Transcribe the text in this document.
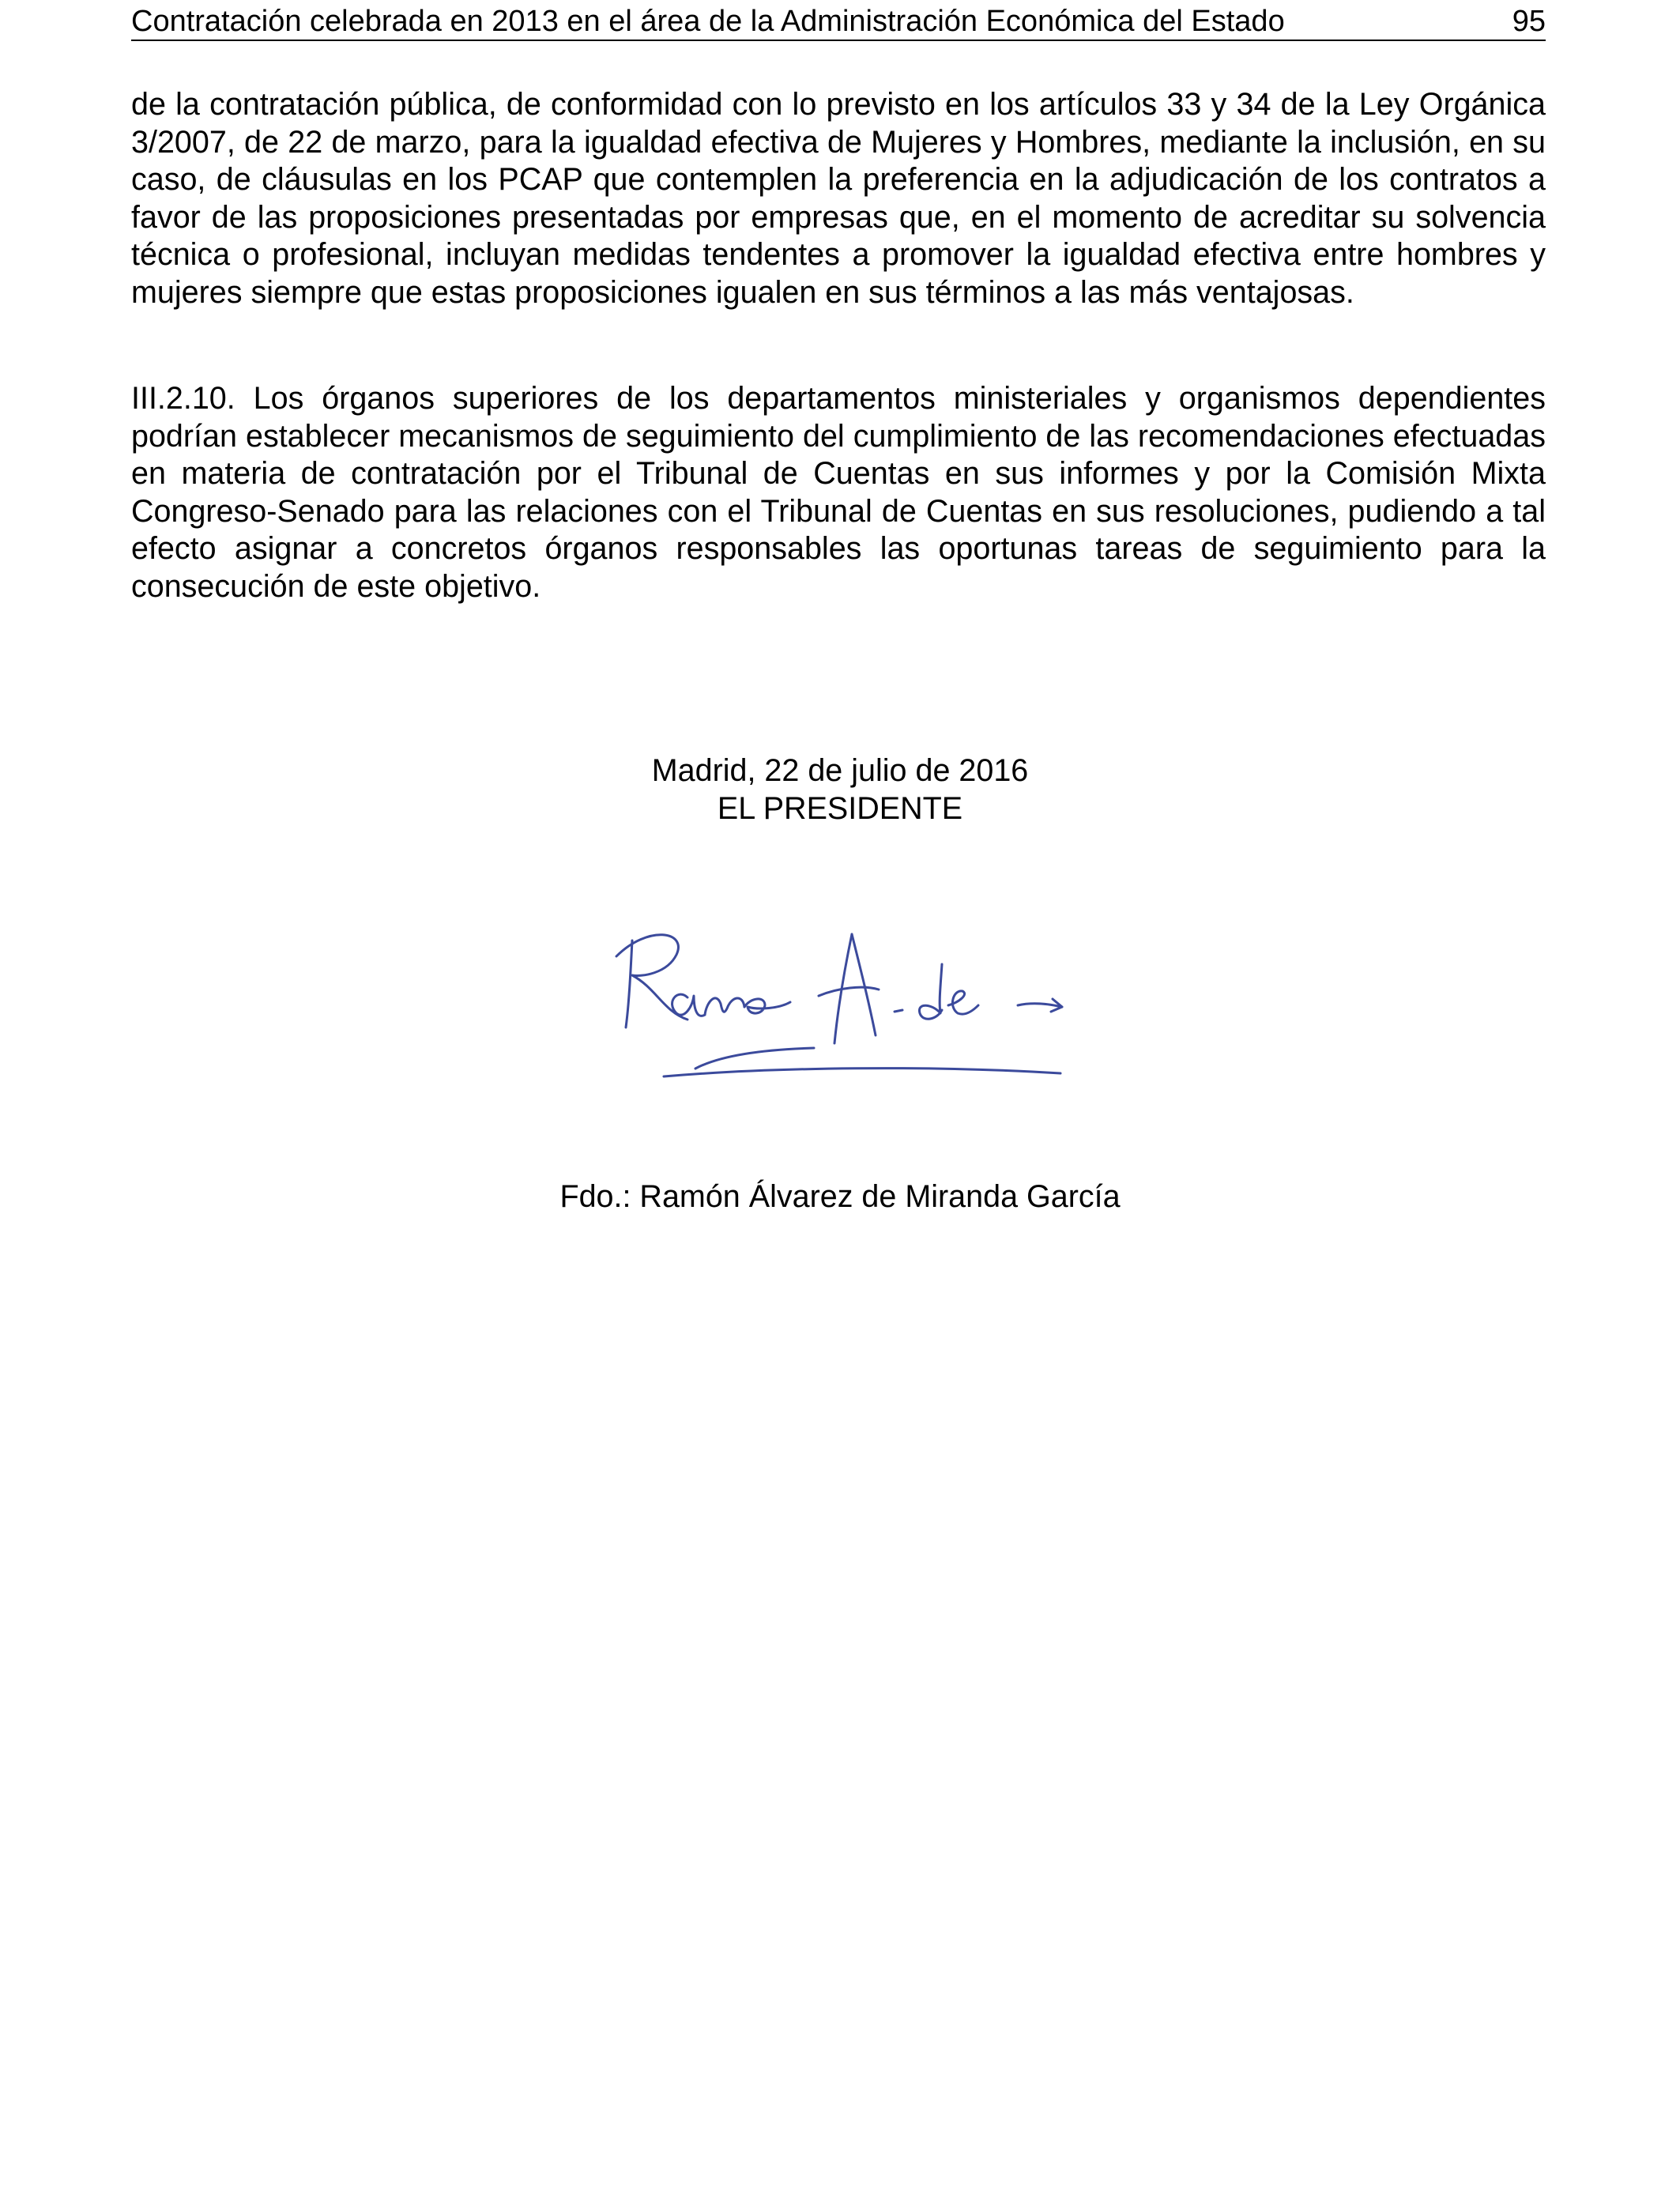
Contratación celebrada en 2013 en el área de la Administración Económica del Estado	95

de la contratación pública, de conformidad con lo previsto en los artículos 33 y 34 de la Ley Orgánica 3/2007, de 22 de marzo, para la igualdad efectiva de Mujeres y Hombres, mediante la inclusión, en su caso, de cláusulas en los PCAP que contemplen la preferencia en la adjudicación de los contratos a favor de las proposiciones presentadas por empresas que, en el momento de acreditar su solvencia técnica o profesional, incluyan medidas tendentes a promover la igualdad efectiva entre hombres y mujeres siempre que estas proposiciones igualen en sus términos a las más ventajosas.

III.2.10. Los órganos superiores de los departamentos ministeriales y organismos dependientes podrían establecer mecanismos de seguimiento del cumplimiento de las recomendaciones efectuadas en materia de contratación por el Tribunal de Cuentas en sus informes y por la Comisión Mixta Congreso-Senado para las relaciones con el Tribunal de Cuentas en sus resoluciones, pudiendo a tal efecto asignar a concretos órganos responsables las oportunas tareas de seguimiento para la consecución de este objetivo.

Madrid, 22 de julio de 2016
EL PRESIDENTE
Fdo.: Ramón Álvarez de Miranda García
